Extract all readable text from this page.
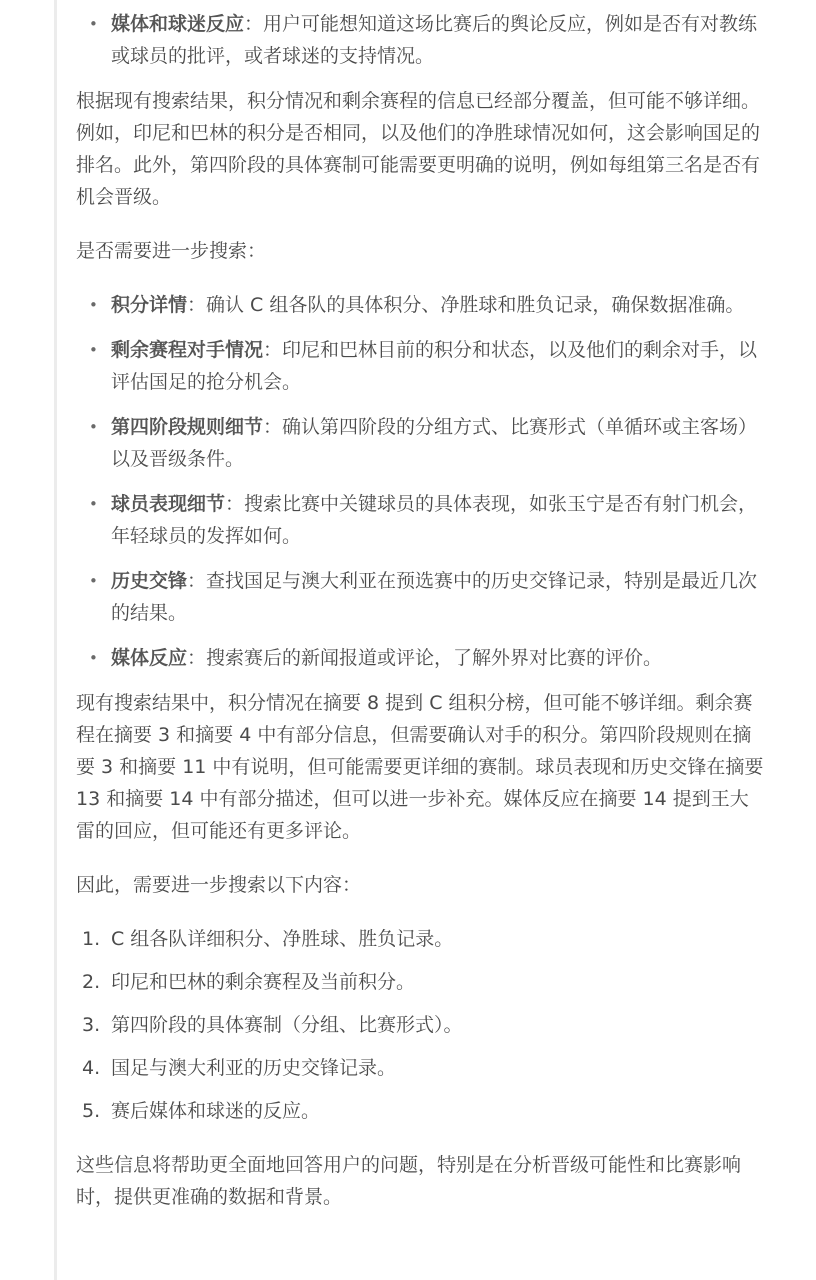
• 媒体和球迷反应：用户可能想知道这场比赛后的舆论反应，例如是否有对教练或球员的批评，或者球迷的支持情况。

根据现有搜索结果，积分情况和剩余赛程的信息已经部分覆盖，但可能不够详细。例如，印尼和巴林的积分是否相同，以及他们的净胜球情况如何，这会影响国足的排名。此外，第四阶段的具体赛制可能需要更明确的说明，例如每组第三名是否有机会晋级。

是否需要进一步搜索：

• 积分详情：确认 C 组各队的具体积分、净胜球和胜负记录，确保数据准确。
• 剩余赛程对手情况：印尼和巴林目前的积分和状态，以及他们的剩余对手，以评估国足的抢分机会。
• 第四阶段规则细节：确认第四阶段的分组方式、比赛形式（单循环或主客场）以及晋级条件。
• 球员表现细节：搜索比赛中关键球员的具体表现，如张玉宁是否有射门机会，年轻球员的发挥如何。
• 历史交锋：查找国足与澳大利亚在预选赛中的历史交锋记录，特别是最近几次的结果。
• 媒体反应：搜索赛后的新闻报道或评论，了解外界对比赛的评价。

现有搜索结果中，积分情况在摘要 8 提到 C 组积分榜，但可能不够详细。剩余赛程在摘要 3 和摘要 4 中有部分信息，但需要确认对手的积分。第四阶段规则在摘要 3 和摘要 11 中有说明，但可能需要更详细的赛制。球员表现和历史交锋在摘要 13 和摘要 14 中有部分描述，但可以进一步补充。媒体反应在摘要 14 提到王大雷的回应，但可能还有更多评论。

因此，需要进一步搜索以下内容：

1. C 组各队详细积分、净胜球、胜负记录。
2. 印尼和巴林的剩余赛程及当前积分。
3. 第四阶段的具体赛制（分组、比赛形式）。
4. 国足与澳大利亚的历史交锋记录。
5. 赛后媒体和球迷的反应。

这些信息将帮助更全面地回答用户的问题，特别是在分析晋级可能性和比赛影响时，提供更准确的数据和背景。
